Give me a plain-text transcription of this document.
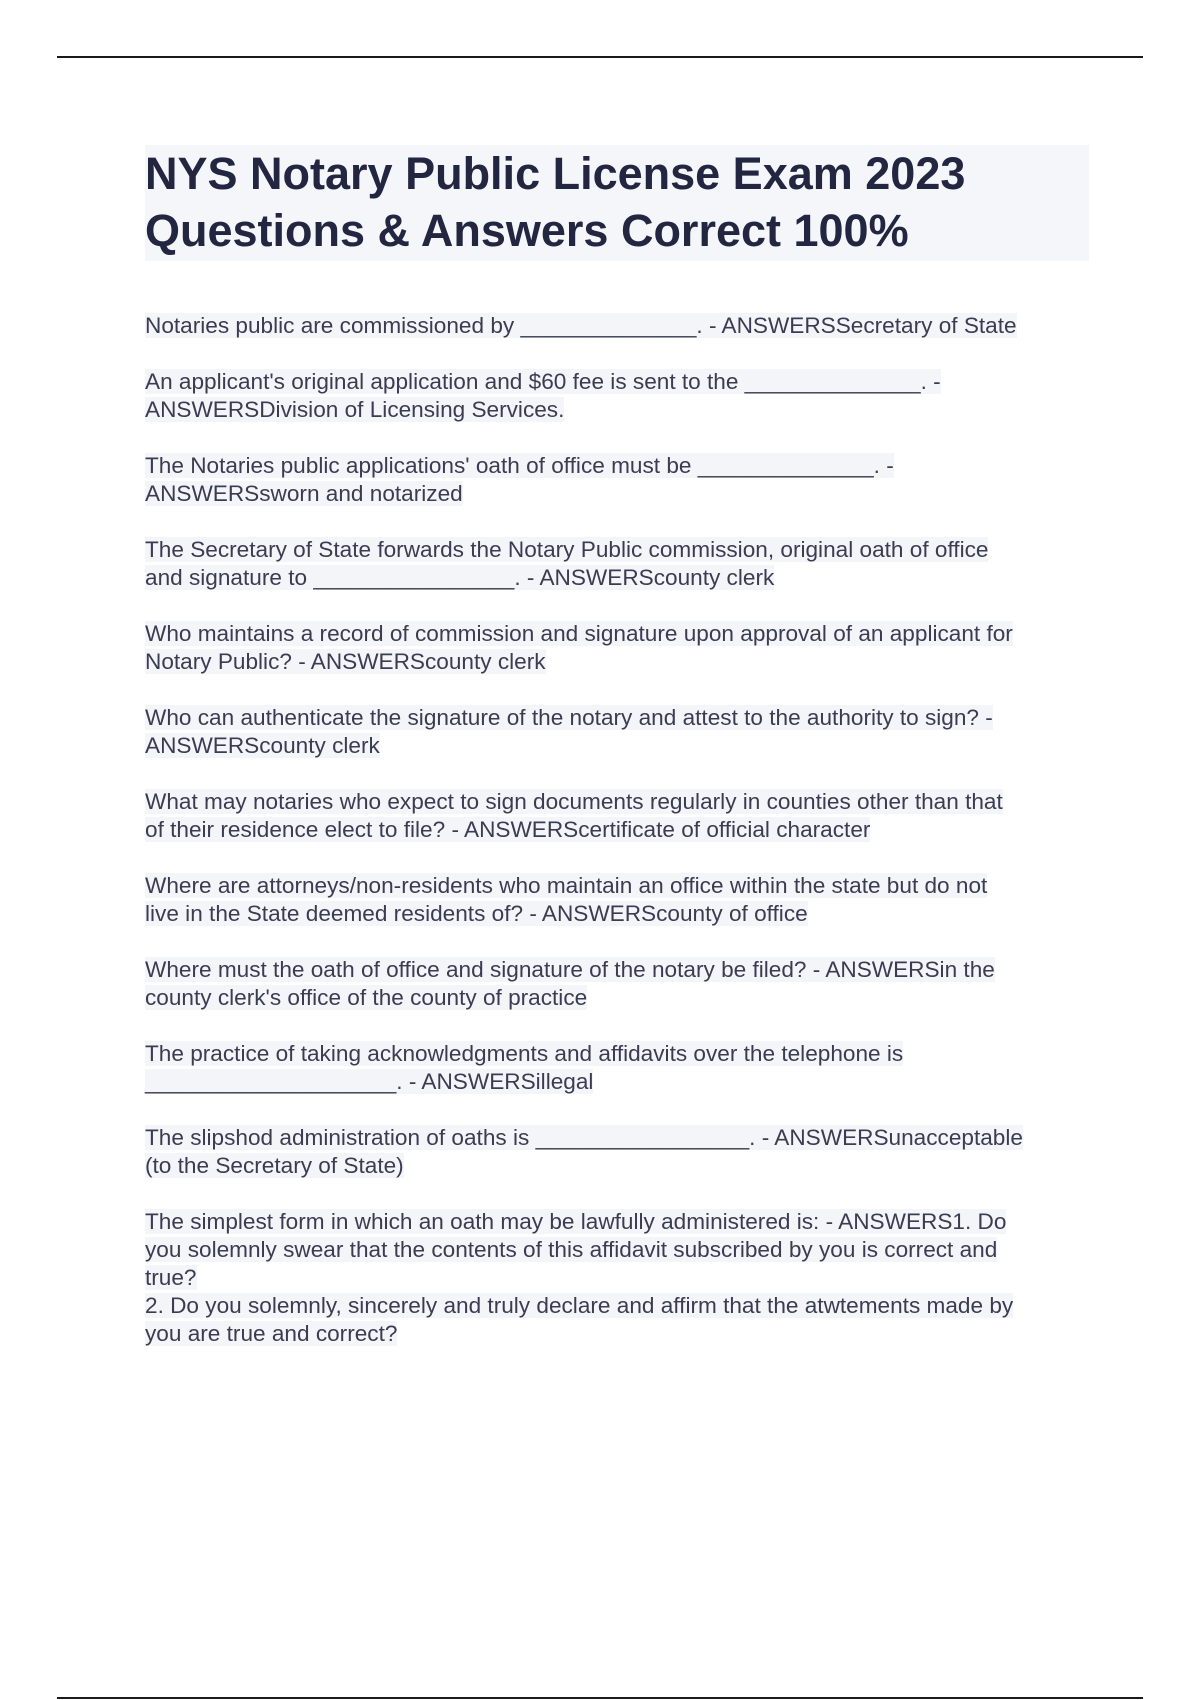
NYS Notary Public License Exam 2023
Questions & Answers Correct 100%
Notaries public are commissioned by ______________. - ANSWERSSecretary of State
An applicant's original application and $60 fee is sent to the ______________. -
ANSWERSDivision of Licensing Services.
The Notaries public applications' oath of office must be ______________. -
ANSWERSsworn and notarized
The Secretary of State forwards the Notary Public commission, original oath of office
and signature to ________________. - ANSWERScounty clerk
Who maintains a record of commission and signature upon approval of an applicant for
Notary Public? - ANSWERScounty clerk
Who can authenticate the signature of the notary and attest to the authority to sign? -
ANSWERScounty clerk
What may notaries who expect to sign documents regularly in counties other than that
of their residence elect to file? - ANSWERScertificate of official character
Where are attorneys/non-residents who maintain an office within the state but do not
live in the State deemed residents of? - ANSWERScounty of office
Where must the oath of office and signature of the notary be filed? - ANSWERSin the
county clerk's office of the county of practice
The practice of taking acknowledgments and affidavits over the telephone is
____________________. - ANSWERSillegal
The slipshod administration of oaths is _________________. - ANSWERSunacceptable
(to the Secretary of State)
The simplest form in which an oath may be lawfully administered is: - ANSWERS1. Do
you solemnly swear that the contents of this affidavit subscribed by you is correct and
true?
2. Do you solemnly, sincerely and truly declare and affirm that the atwtements made by
you are true and correct?
